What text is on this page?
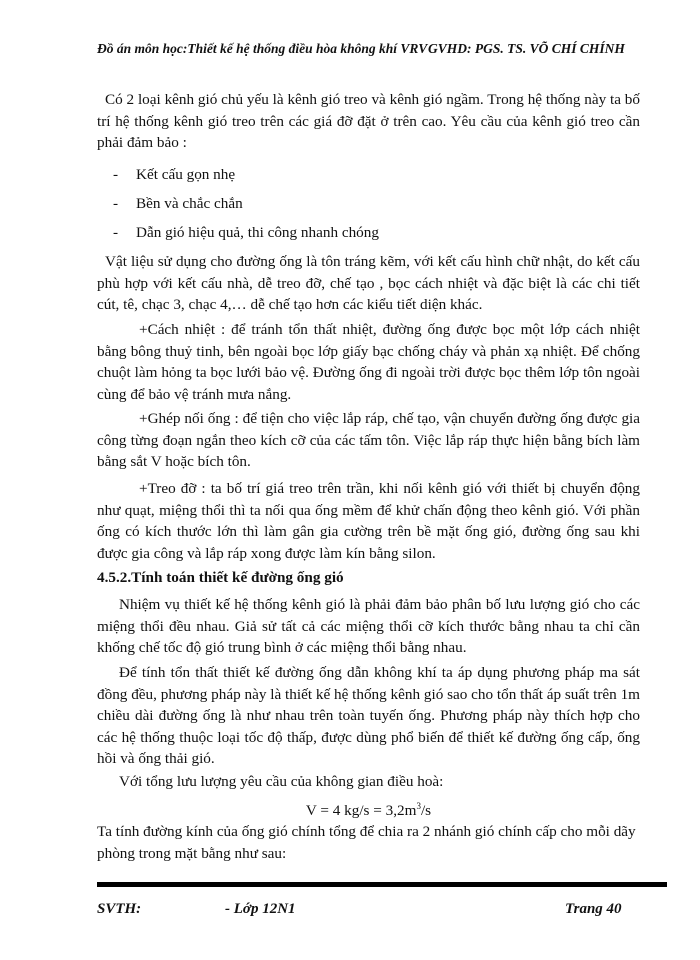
Đồ án môn học:Thiết kế hệ thống điều hòa không khí VRV GVHD: PGS. TS. VÕ CHÍ CHÍNH
Có 2 loại kênh gió chủ yếu là kênh gió treo và kênh gió ngầm. Trong hệ thống này ta bố trí hệ thống kênh gió treo trên các giá đỡ đặt ở trên cao. Yêu cầu của kênh gió treo cần phải đảm bảo :
- Kết cấu gọn nhẹ
- Bền và chắc chắn
- Dẫn gió hiệu quả, thi công nhanh chóng
Vật liệu sử dụng cho đường ống là tôn tráng kẽm, với kết cấu hình chữ nhật, do kết cấu phù hợp với kết cấu nhà, dễ treo đỡ, chế tạo , bọc cách nhiệt và đặc biệt là các chi tiết cút, tê, chạc 3, chạc 4,… dễ chế tạo hơn các kiểu tiết diện khác.
+Cách nhiệt : để tránh tổn thất nhiệt, đường ống được bọc một lớp cách nhiệt bằng bông thuỷ tinh, bên ngoài bọc lớp giấy bạc chống cháy và phản xạ nhiệt. Để chống chuột làm hỏng ta bọc lưới bảo vệ. Đường ống đi ngoài trời được bọc thêm lớp tôn ngoài cùng để bảo vệ tránh mưa nắng.
+Ghép nối ống : để tiện cho việc lắp ráp, chế tạo, vận chuyển đường ống được gia công từng đoạn ngắn theo kích cỡ của các tấm tôn. Việc lắp ráp thực hiện bằng bích làm bằng sắt V hoặc bích tôn.
+Treo đỡ : ta bố trí giá treo trên trần, khi nối kênh gió với thiết bị chuyển động như quạt, miệng thổi thì ta nối qua ống mềm để khử chấn động theo kênh gió. Với phần ống có kích thước lớn thì làm gân gia cường trên bề mặt ống gió, đường ống sau khi được gia công và lắp ráp xong được làm kín bằng silon.
4.5.2.Tính toán thiết kế đường ống gió
Nhiệm vụ thiết kế hệ thống kênh gió là phải đảm bảo phân bố lưu lượng gió cho các miệng thổi đều nhau. Giả sử tất cả các miệng thổi cỡ kích thước bằng nhau ta chỉ cần khống chế tốc độ gió trung bình ở các miệng thổi bằng nhau.
Để tính tổn thất thiết kế đường ống dẫn không khí ta áp dụng phương pháp ma sát đồng đều, phương pháp này là thiết kế hệ thống kênh gió sao cho tổn thất áp suất trên 1m chiều dài đường ống là như nhau trên toàn tuyến ống. Phương pháp này thích hợp cho các hệ thống thuộc loại tốc độ thấp, được dùng phổ biến để thiết kế đường ống cấp, ống hồi và ống thải gió.
Với tổng lưu lượng yêu cầu của không gian điều hoà:
V = 4 $kg/s = 3,2m^3/s$
Ta tính đường kính của ống gió chính tổng để chia ra 2 nhánh gió chính cấp cho mỗi dãy phòng trong mặt bằng như sau:
SVTH:	- Lớp 12N1	Trang 40
